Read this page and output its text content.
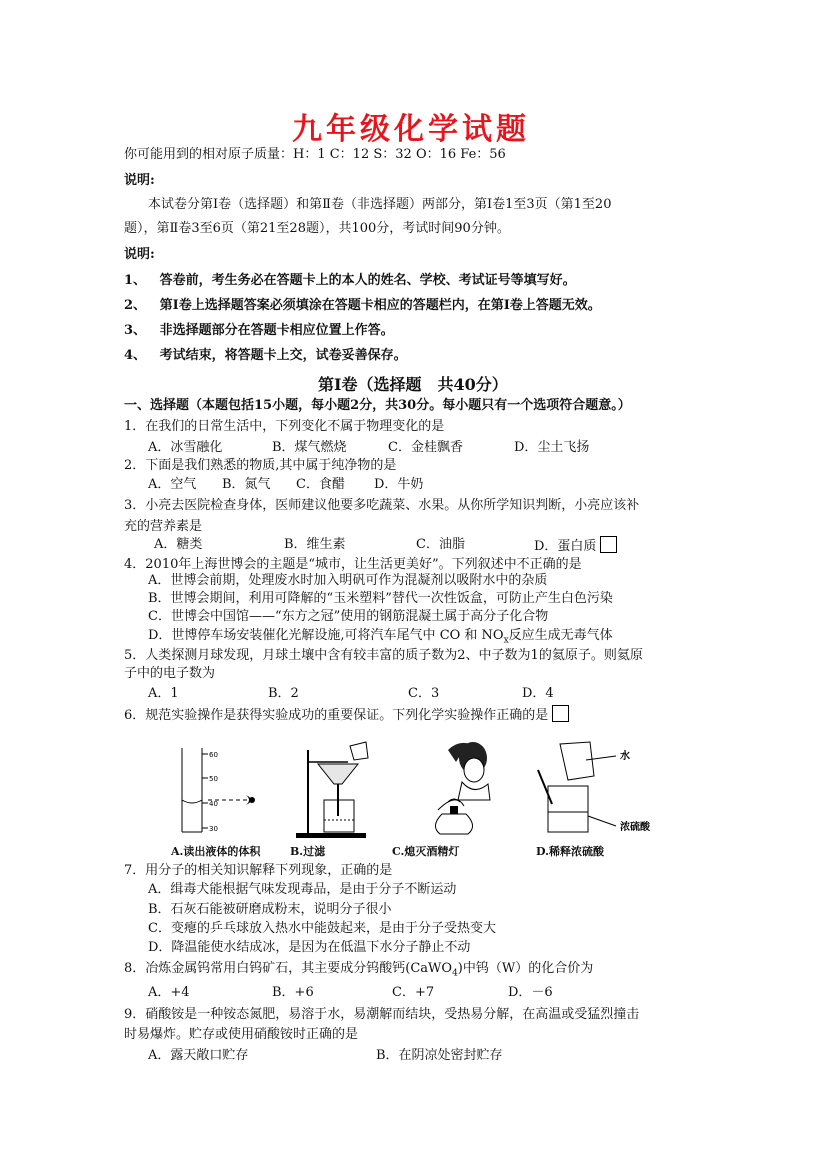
九年级化学试题
你可能用到的相对原子质量：H：1 C：12 S：32 O：16 Fe：56
说明:
本试卷分第Ⅰ卷（选择题）和第Ⅱ卷（非选择题）两部分，第Ⅰ卷1至3页（第1至20
题），第Ⅱ卷3至6页（第21至28题），共100分，考试时间90分钟。
说明:
1、 答卷前，考生务必在答题卡上的本人的姓名、学校、考试证号等填写好。
2、 第Ⅰ卷上选择题答案必须填涂在答题卡相应的答题栏内，在第Ⅰ卷上答题无效。
3、 非选择题部分在答题卡相应位置上作答。
4、 考试结束，将答题卡上交，试卷妥善保存。
第Ⅰ卷（选择题　共40分）
一、选择题（本题包括15小题，每小题2分，共30分。每小题只有一个选项符合题意。）
1．在我们的日常生活中，下列变化不属于物理变化的是
A．冰雪融化	B．煤气燃烧	C．金桂飘香	D．尘土飞扬
2．下面是我们熟悉的物质,其中属于纯净物的是
A．空气 B．氮气 C．食醋 D．牛奶
3．小亮去医院检查身体，医师建议他要多吃蔬菜、水果。从你所学知识判断，小亮应该补
充的营养素是
A．糖类	B．维生素	C．油脂	D．蛋白质
4．2010年上海世博会的主题是“城市，让生活更美好”。下列叙述中不正确的是
A．世博会前期，处理废水时加入明矾可作为混凝剂以吸附水中的杂质
B．世博会期间，利用可降解的“玉米塑料”替代一次性饭盒，可防止产生白色污染
C．世博会中国馆——“东方之冠”使用的钢筋混凝土属于高分子化合物
D．世博停车场安装催化光解设施,可将汽车尾气中 CO 和 $NO_x$反应生成无毒气体
5．人类探测月球发现，月球土壤中含有较丰富的质子数为2、中子数为1的氦原子。则氦原
子中的电子数为
A．1	B．2	C．3	D．4
6．规范实验操作是获得实验成功的重要保证。下列化学实验操作正确的是
60
50
40
30
水
浓硫酸
A.读出液体的体积	B.过滤	C.熄灭酒精灯	D.稀释浓硫酸
7．用分子的相关知识解释下列现象，正确的是
A．缉毒犬能根据气味发现毒品，是由于分子不断运动
B．石灰石能被研磨成粉末，说明分子很小
C．变瘪的乒乓球放入热水中能鼓起来，是由于分子受热变大
D．降温能使水结成冰，是因为在低温下水分子静止不动
8．冶炼金属钨常用白钨矿石，其主要成分钨酸钙(CaWO$_4$)中钨（W）的化合价为
A．+4	B．+6	C．+7	D．－6
9．硝酸铵是一种铵态氮肥，易溶于水，易潮解而结块，受热易分解，在高温或受猛烈撞击
时易爆炸。贮存或使用硝酸铵时正确的是
A．露天敞口贮存	B．在阴凉处密封贮存
